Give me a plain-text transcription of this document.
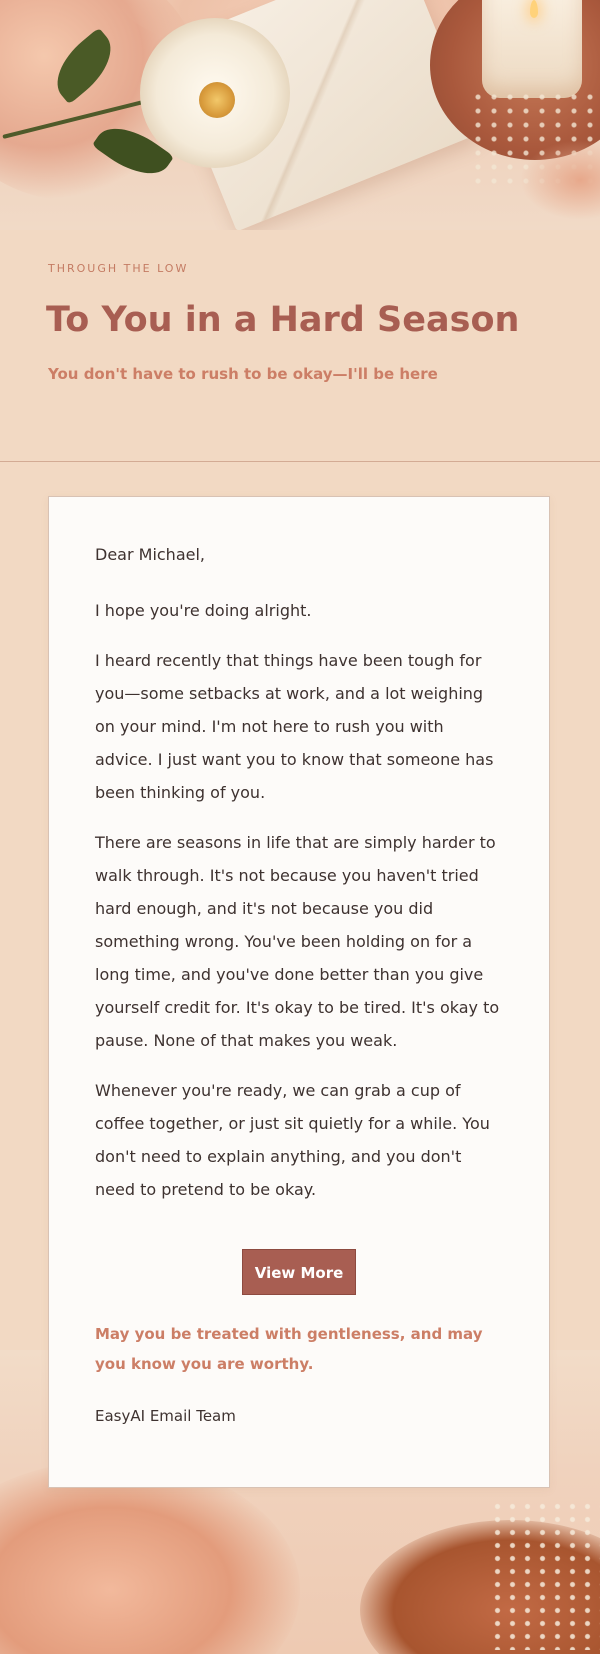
THROUGH THE LOW
To You in a Hard Season
You don't have to rush to be okay—I'll be here

Dear Michael,

I hope you're doing alright.

I heard recently that things have been tough for you—some setbacks at work, and a lot weighing on your mind. I'm not here to rush you with advice. I just want you to know that someone has been thinking of you.

There are seasons in life that are simply harder to walk through. It's not because you haven't tried hard enough, and it's not because you did something wrong. You've been holding on for a long time, and you've done better than you give yourself credit for. It's okay to be tired. It's okay to pause. None of that makes you weak.

Whenever you're ready, we can grab a cup of coffee together, or just sit quietly for a while. You don't need to explain anything, and you don't need to pretend to be okay.

View More

May you be treated with gentleness, and may you know you are worthy.

EasyAI Email Team
